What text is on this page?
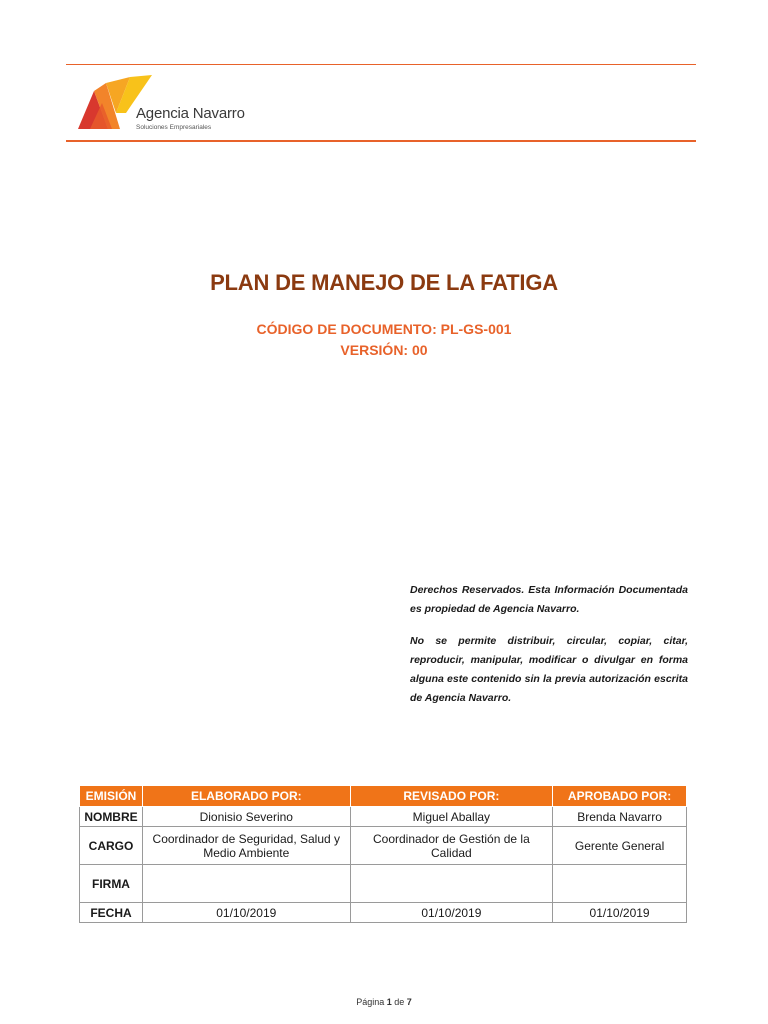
Agencia Navarro
Soluciones Empresariales
PLAN DE MANEJO DE LA FATIGA
CÓDIGO DE DOCUMENTO: PL-GS-001
VERSIÓN: 00

Derechos Reservados. Esta Información Documentada es propiedad de Agencia Navarro.

No se permite distribuir, circular, copiar, citar, reproducir, manipular, modificar o divulgar en forma alguna este contenido sin la previa autorización escrita de Agencia Navarro.

EMISIÓN	ELABORADO POR:	REVISADO POR:	APROBADO POR:
NOMBRE	Dionisio Severino	Miguel Aballay	Brenda Navarro
CARGO	Coordinador de Seguridad, Salud y Medio Ambiente	Coordinador de Gestión de la Calidad	Gerente General
FIRMA			
FECHA	01/10/2019	01/10/2019	01/10/2019
Página 1 de 7
